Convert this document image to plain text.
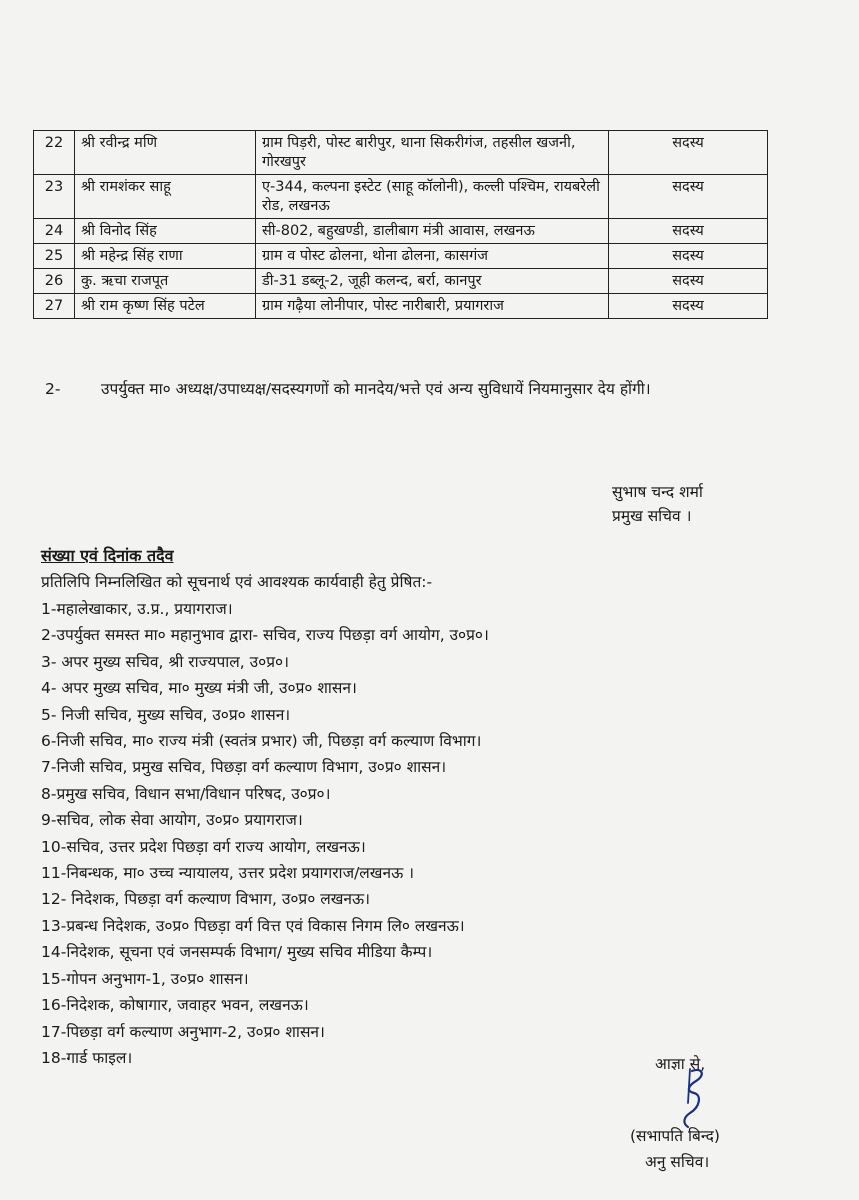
22	श्री रवीन्द्र मणि	ग्राम पिड़री, पोस्ट बारीपुर, थाना सिकरीगंज, तहसील खजनी, गोरखपुर	सदस्य
23	श्री रामशंकर साहू	ए-344, कल्पना इस्टेट (साहू कॉलोनी), कल्ली पश्चिम, रायबरेली रोड, लखनऊ	सदस्य
24	श्री विनोद सिंह	सी-802, बहुखण्डी, डालीबाग मंत्री आवास, लखनऊ	सदस्य
25	श्री महेन्द्र सिंह राणा	ग्राम व पोस्ट ढोलना, थोना ढोलना, कासगंज	सदस्य
26	कु. ऋचा राजपूत	डी-31 डब्लू-2, जूही कलन्द, बर्रा, कानपुर	सदस्य
27	श्री राम कृष्ण सिंह पटेल	ग्राम गढ़ैया लोनीपार, पोस्ट नारीबारी, प्रयागराज	सदस्य
2-	उपर्युक्त मा० अध्यक्ष/उपाध्यक्ष/सदस्यगणों को मानदेय/भत्ते एवं अन्य सुविधायें नियमानुसार देय होंगी।
सुभाष चन्द शर्मा
प्रमुख सचिव ।
संख्या एवं दिनांक तदैव
प्रतिलिपि निम्नलिखित को सूचनार्थ एवं आवश्यक कार्यवाही हेतु प्रेषित:-
1-महालेखाकार, उ.प्र., प्रयागराज।
2-उपर्युक्त समस्त मा० महानुभाव द्वारा- सचिव, राज्य पिछड़ा वर्ग आयोग, उ०प्र०।
3- अपर मुख्य सचिव, श्री राज्यपाल, उ०प्र०।
4- अपर मुख्य सचिव, मा० मुख्य मंत्री जी, उ०प्र० शासन।
5- निजी सचिव, मुख्य सचिव, उ०प्र० शासन।
6-निजी सचिव, मा० राज्य मंत्री (स्वतंत्र प्रभार) जी, पिछड़ा वर्ग कल्याण विभाग।
7-निजी सचिव, प्रमुख सचिव, पिछड़ा वर्ग कल्याण विभाग, उ०प्र० शासन।
8-प्रमुख सचिव, विधान सभा/विधान परिषद, उ०प्र०।
9-सचिव, लोक सेवा आयोग, उ०प्र० प्रयागराज।
10-सचिव, उत्तर प्रदेश पिछड़ा वर्ग राज्य आयोग, लखनऊ।
11-निबन्धक, मा० उच्च न्यायालय, उत्तर प्रदेश प्रयागराज/लखनऊ ।
12- निदेशक, पिछड़ा वर्ग कल्याण विभाग, उ०प्र० लखनऊ।
13-प्रबन्ध निदेशक, उ०प्र० पिछड़ा वर्ग वित्त एवं विकास निगम लि० लखनऊ।
14-निदेशक, सूचना एवं जनसम्पर्क विभाग/ मुख्य सचिव मीडिया कैम्प।
15-गोपन अनुभाग-1, उ०प्र० शासन।
16-निदेशक, कोषागार, जवाहर भवन, लखनऊ।
17-पिछड़ा वर्ग कल्याण अनुभाग-2, उ०प्र० शासन।
18-गार्ड फाइल।	आज्ञा से,
(सभापति बिन्द)
अनु सचिव।
